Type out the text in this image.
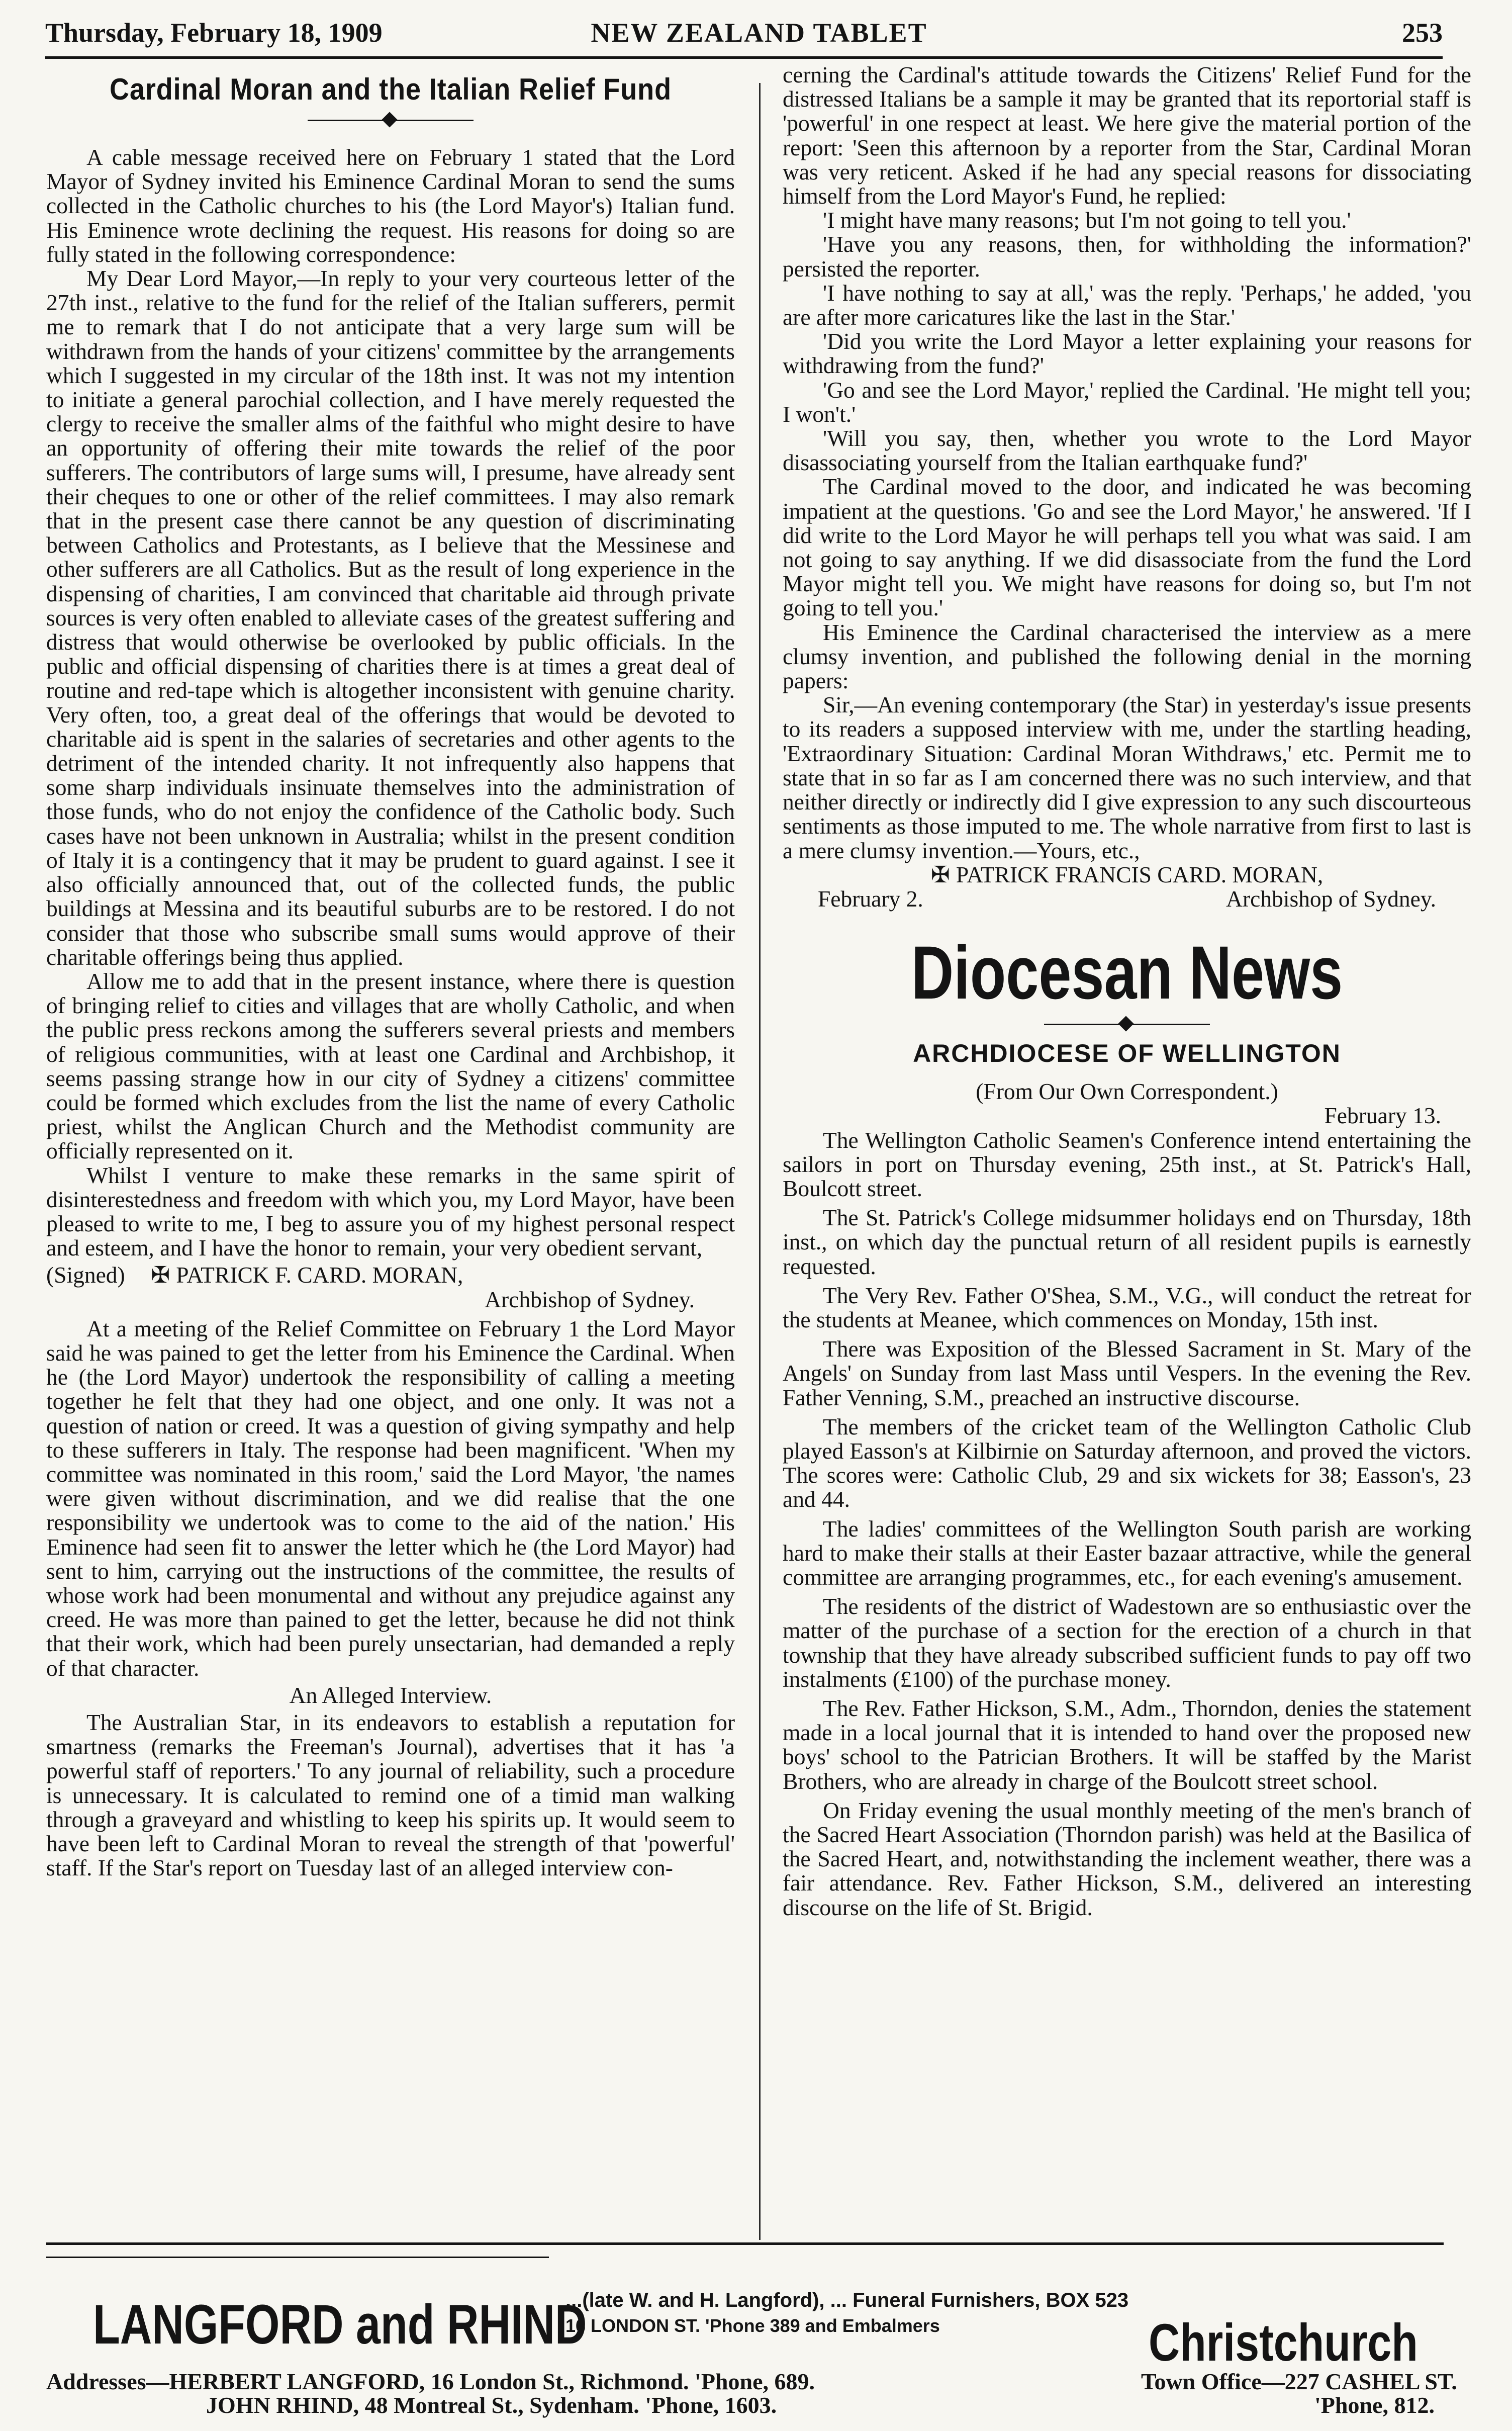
Thursday, February 18, 1909	NEW ZEALAND TABLET	253
Cardinal Moran and the Italian Relief Fund

A cable message received here on February 1 stated that the Lord Mayor of Sydney invited his Eminence Cardinal Moran to send the sums collected in the Catholic churches to his (the Lord Mayor's) Italian fund. His Eminence wrote declining the request. His reasons for doing so are fully stated in the following correspondence:

My Dear Lord Mayor,—In reply to your very courteous letter of the 27th inst., relative to the fund for the relief of the Italian sufferers, permit me to remark that I do not anticipate that a very large sum will be withdrawn from the hands of your citizens' committee by the arrangements which I suggested in my circular of the 18th inst. It was not my intention to initiate a general parochial collection, and I have merely requested the clergy to receive the smaller alms of the faithful who might desire to have an opportunity of offering their mite towards the relief of the poor sufferers. The contributors of large sums will, I presume, have already sent their cheques to one or other of the relief committees. I may also remark that in the present case there cannot be any question of discriminating between Catholics and Protestants, as I believe that the Messinese and other sufferers are all Catholics. But as the result of long experience in the dispensing of charities, I am convinced that charitable aid through private sources is very often enabled to alleviate cases of the greatest suffering and distress that would otherwise be overlooked by public officials. In the public and official dispensing of charities there is at times a great deal of routine and red-tape which is altogether inconsistent with genuine charity. Very often, too, a great deal of the offerings that would be devoted to charitable aid is spent in the salaries of secretaries and other agents to the detriment of the intended charity. It not infrequently also happens that some sharp individuals insinuate themselves into the administration of those funds, who do not enjoy the confidence of the Catholic body. Such cases have not been unknown in Australia; whilst in the present condition of Italy it is a contingency that it may be prudent to guard against. I see it also officially announced that, out of the collected funds, the public buildings at Messina and its beautiful suburbs are to be restored. I do not consider that those who subscribe small sums would approve of their charitable offerings being thus applied.

Allow me to add that in the present instance, where there is question of bringing relief to cities and villages that are wholly Catholic, and when the public press reckons among the sufferers several priests and members of religious communities, with at least one Cardinal and Archbishop, it seems passing strange how in our city of Sydney a citizens' committee could be formed which excludes from the list the name of every Catholic priest, whilst the Anglican Church and the Methodist community are officially represented on it.

Whilst I venture to make these remarks in the same spirit of disinterestedness and freedom with which you, my Lord Mayor, have been pleased to write to me, I beg to assure you of my highest personal respect and esteem, and I have the honor to remain, your very obedient servant,

(Signed) ✠ PATRICK F. CARD. MORAN,

Archbishop of Sydney.

At a meeting of the Relief Committee on February 1 the Lord Mayor said he was pained to get the letter from his Eminence the Cardinal. When he (the Lord Mayor) undertook the responsibility of calling a meeting together he felt that they had one object, and one only. It was not a question of nation or creed. It was a question of giving sympathy and help to these sufferers in Italy. The response had been magnificent. 'When my committee was nominated in this room,' said the Lord Mayor, 'the names were given without discrimination, and we did realise that the one responsibility we undertook was to come to the aid of the nation.' His Eminence had seen fit to answer the letter which he (the Lord Mayor) had sent to him, carrying out the instructions of the committee, the results of whose work had been monumental and without any prejudice against any creed. He was more than pained to get the letter, because he did not think that their work, which had been purely unsectarian, had demanded a reply of that character.

An Alleged Interview.

The Australian Star, in its endeavors to establish a reputation for smartness (remarks the Freeman's Journal), advertises that it has 'a powerful staff of reporters.' To any journal of reliability, such a procedure is unnecessary. It is calculated to remind one of a timid man walking through a graveyard and whistling to keep his spirits up. It would seem to have been left to Cardinal Moran to reveal the strength of that 'powerful' staff. If the Star's report on Tuesday last of an alleged interview con-

cerning the Cardinal's attitude towards the Citizens' Relief Fund for the distressed Italians be a sample it may be granted that its reportorial staff is 'powerful' in one respect at least. We here give the material portion of the report: 'Seen this afternoon by a reporter from the Star, Cardinal Moran was very reticent. Asked if he had any special reasons for dissociating himself from the Lord Mayor's Fund, he replied:

'I might have many reasons; but I'm not going to tell you.'

'Have you any reasons, then, for withholding the information?' persisted the reporter.

'I have nothing to say at all,' was the reply. 'Perhaps,' he added, 'you are after more caricatures like the last in the Star.'

'Did you write the Lord Mayor a letter explaining your reasons for withdrawing from the fund?'

'Go and see the Lord Mayor,' replied the Cardinal. 'He might tell you; I won't.'

'Will you say, then, whether you wrote to the Lord Mayor disassociating yourself from the Italian earthquake fund?'

The Cardinal moved to the door, and indicated he was becoming impatient at the questions. 'Go and see the Lord Mayor,' he answered. 'If I did write to the Lord Mayor he will perhaps tell you what was said. I am not going to say anything. If we did disassociate from the fund the Lord Mayor might tell you. We might have reasons for doing so, but I'm not going to tell you.'

His Eminence the Cardinal characterised the interview as a mere clumsy invention, and published the following denial in the morning papers:

Sir,—An evening contemporary (the Star) in yesterday's issue presents to its readers a supposed interview with me, under the startling heading, 'Extraordinary Situation: Cardinal Moran Withdraws,' etc. Permit me to state that in so far as I am concerned there was no such interview, and that neither directly or indirectly did I give expression to any such discourteous sentiments as those imputed to me. The whole narrative from first to last is a mere clumsy invention.—Yours, etc.,

✠ PATRICK FRANCIS CARD. MORAN,

February 2.	Archbishop of Sydney.

Diocesan News
ARCHDIOCESE OF WELLINGTON

(From Our Own Correspondent.)

February 13.

The Wellington Catholic Seamen's Conference intend entertaining the sailors in port on Thursday evening, 25th inst., at St. Patrick's Hall, Boulcott street.

The St. Patrick's College midsummer holidays end on Thursday, 18th inst., on which day the punctual return of all resident pupils is earnestly requested.

The Very Rev. Father O'Shea, S.M., V.G., will conduct the retreat for the students at Meanee, which commences on Monday, 15th inst.

There was Exposition of the Blessed Sacrament in St. Mary of the Angels' on Sunday from last Mass until Vespers. In the evening the Rev. Father Venning, S.M., preached an instructive discourse.

The members of the cricket team of the Wellington Catholic Club played Easson's at Kilbirnie on Saturday afternoon, and proved the victors. The scores were: Catholic Club, 29 and six wickets for 38; Easson's, 23 and 44.

The ladies' committees of the Wellington South parish are working hard to make their stalls at their Easter bazaar attractive, while the general committee are arranging programmes, etc., for each evening's amusement.

The residents of the district of Wadestown are so enthusiastic over the matter of the purchase of a section for the erection of a church in that township that they have already subscribed sufficient funds to pay off two instalments (£100) of the purchase money.

The Rev. Father Hickson, S.M., Adm., Thorndon, denies the statement made in a local journal that it is intended to hand over the proposed new boys' school to the Patrician Brothers. It will be staffed by the Marist Brothers, who are already in charge of the Boulcott street school.

On Friday evening the usual monthly meeting of the men's branch of the Sacred Heart Association (Thorndon parish) was held at the Basilica of the Sacred Heart, and, notwithstanding the inclement weather, there was a fair attendance. Rev. Father Hickson, S.M., delivered an interesting discourse on the life of St. Brigid.

LANGFORD and RHIND
...(late W. and H. Langford), ... Funeral Furnishers, BOX 523
16 LONDON ST. 'Phone 389 and Embalmers	Christchurch
Addresses—HERBERT LANGFORD, 16 London St., Richmond. 'Phone, 689.
JOHN RHIND, 48 Montreal St., Sydenham. 'Phone, 1603.
Town Office—227 CASHEL ST.
'Phone, 812.
